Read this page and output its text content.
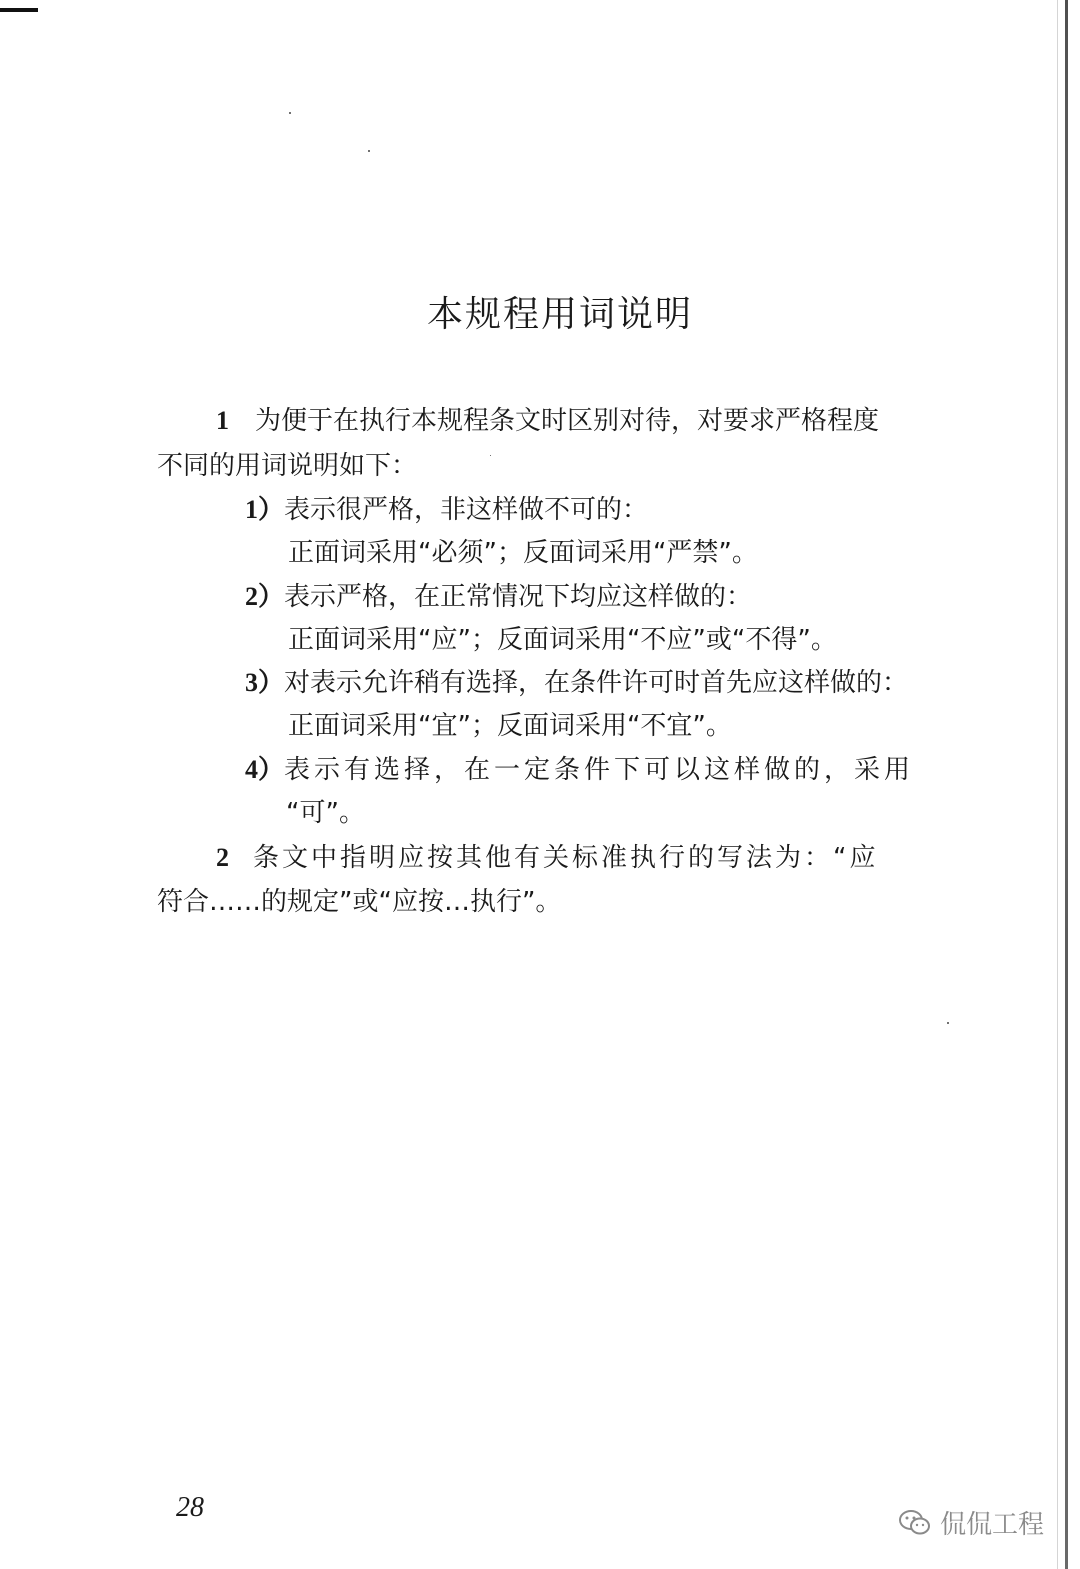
本规程用词说明
1 为便于在执行本规程条文时区别对待，对要求严格程度
不同的用词说明如下：
1）表示很严格，非这样做不可的：
正面词采用“必须”；反面词采用“严禁”。
2）表示严格，在正常情况下均应这样做的：
正面词采用“应”；反面词采用“不应”或“不得”。
3）对表示允许稍有选择，在条件许可时首先应这样做的：
正面词采用“宜”；反面词采用“不宜”。
4）表示有选择，在一定条件下可以这样做的，采用
“可”。
2 条文中指明应按其他有关标准执行的写法为：“应
符合……的规定”或“应按…执行”。
28
侃侃工程
